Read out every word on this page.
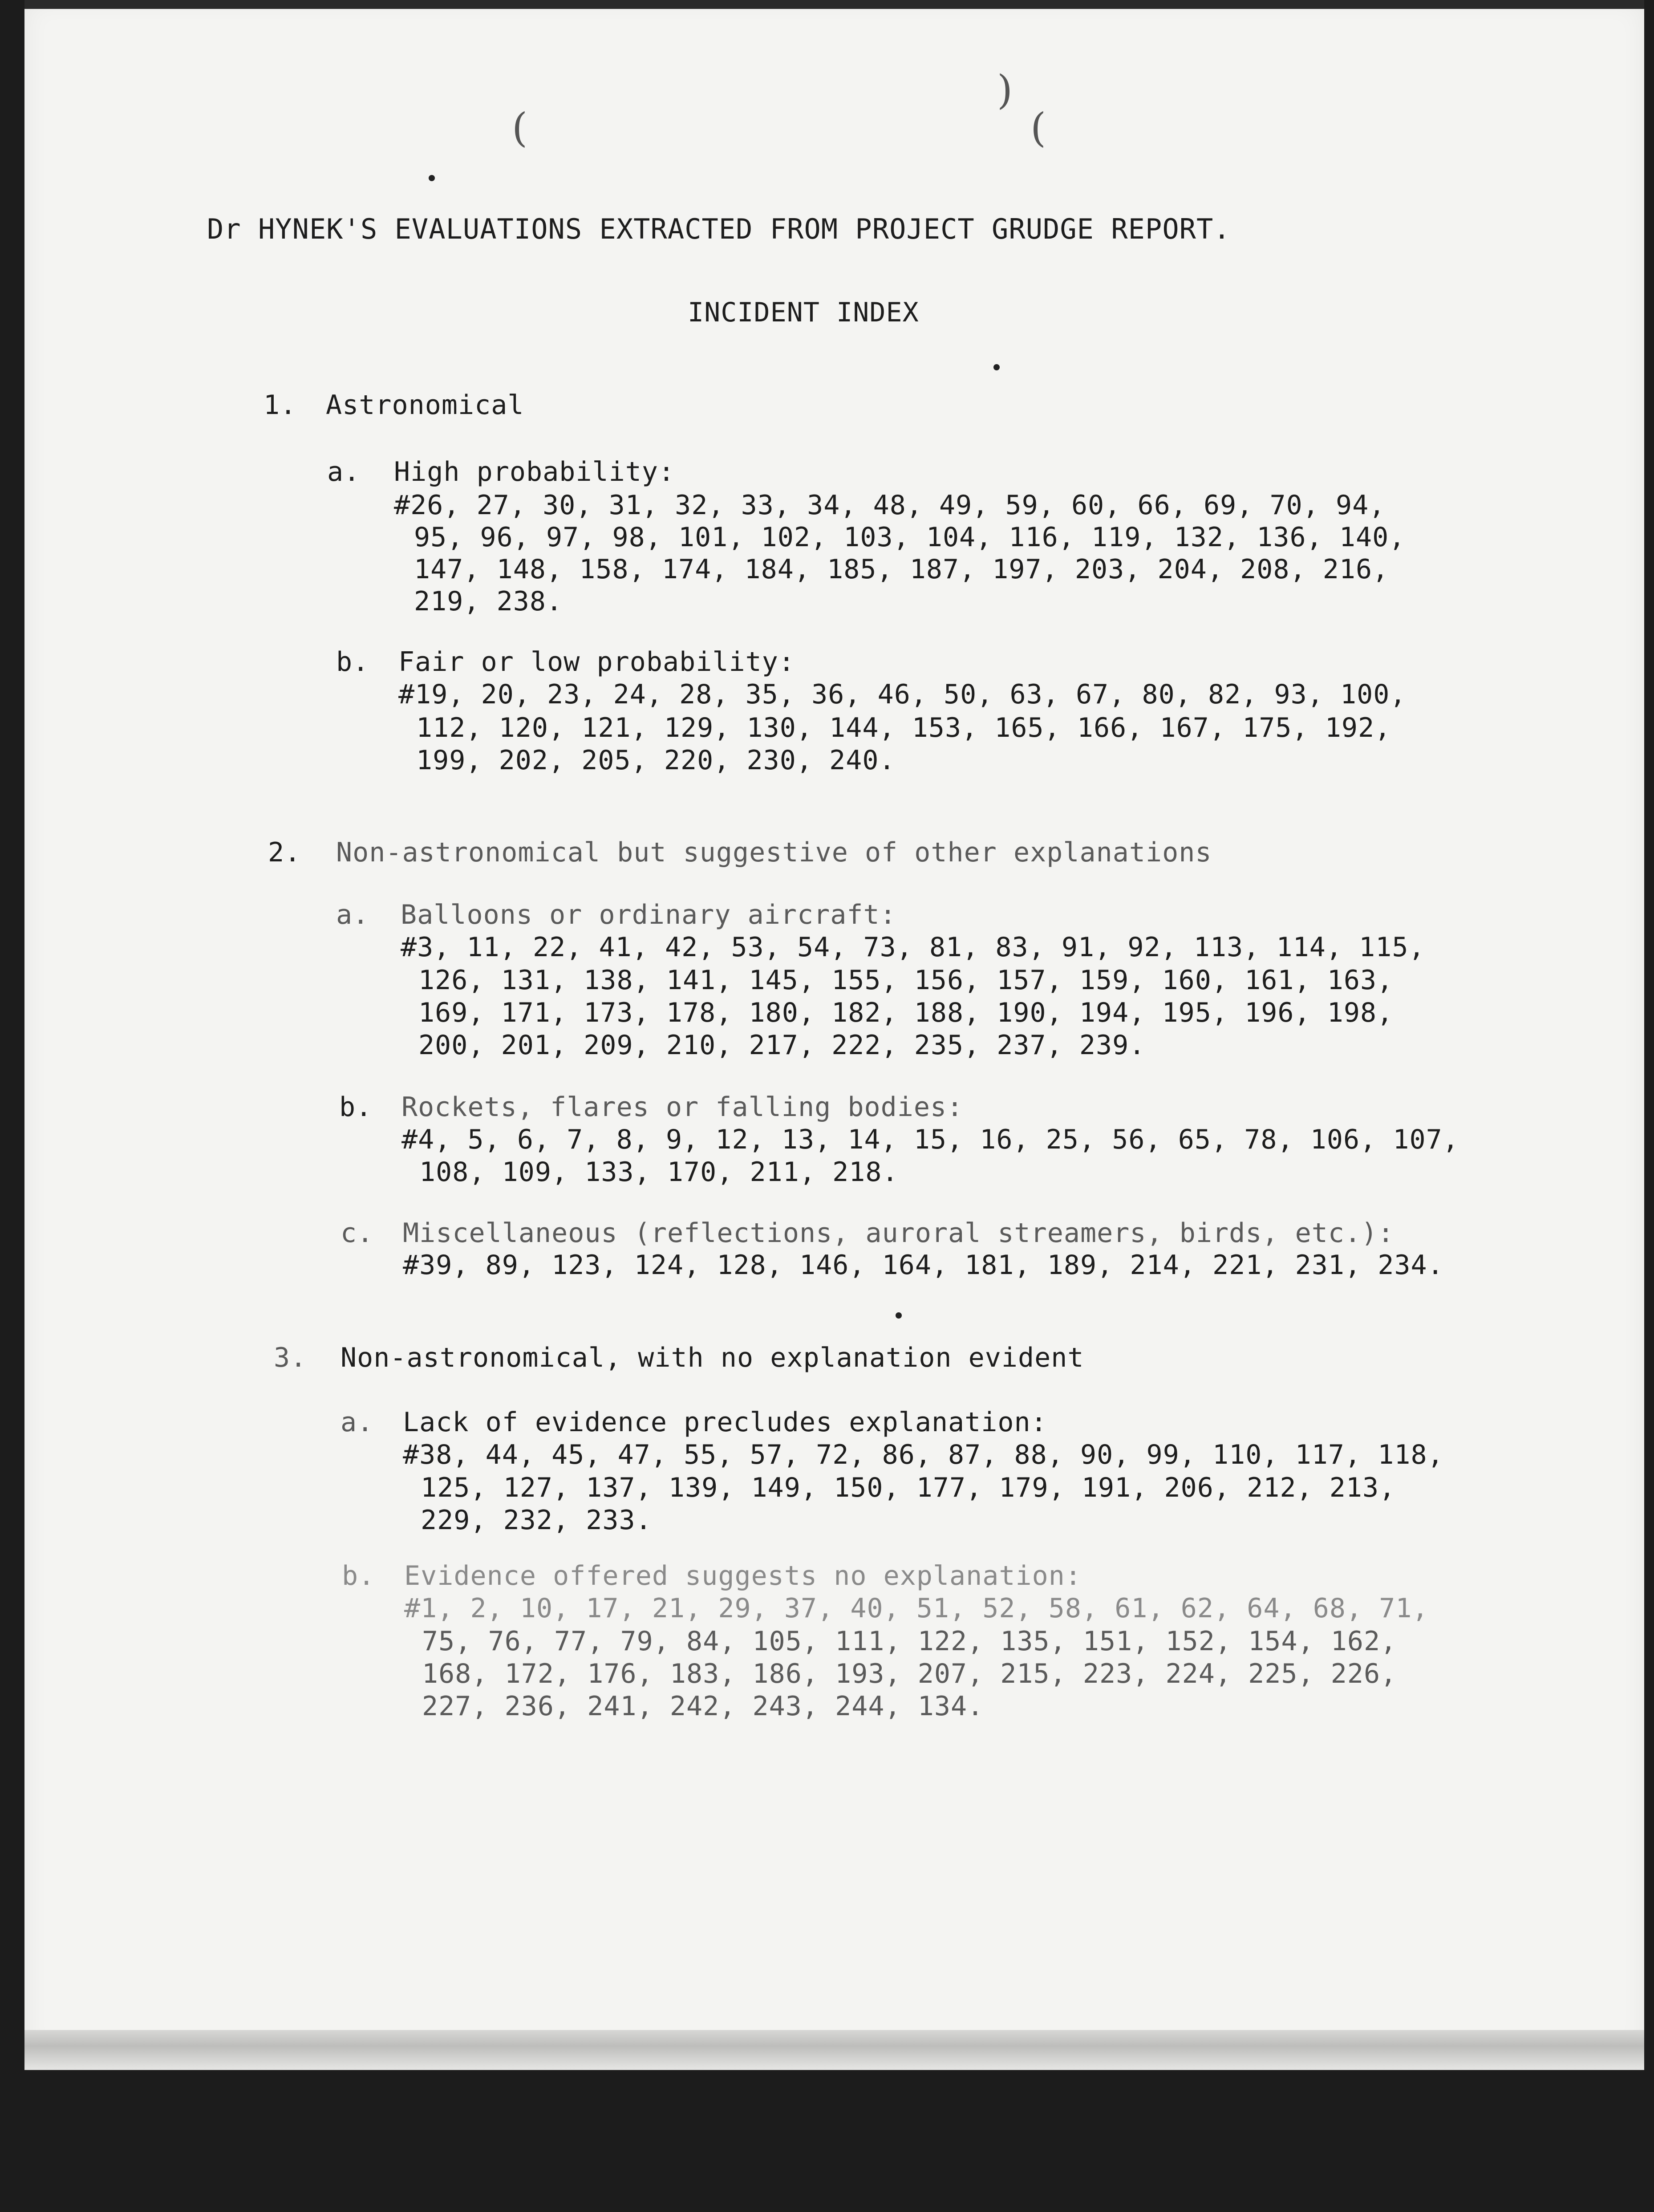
(
)
(
Dr HYNEK'S EVALUATIONS EXTRACTED FROM PROJECT GRUDGE REPORT.
INCIDENT INDEX
1. Astronomical
a. High probability:
#26, 27, 30, 31, 32, 33, 34, 48, 49, 59, 60, 66, 69, 70, 94,
95, 96, 97, 98, 101, 102, 103, 104, 116, 119, 132, 136, 140,
147, 148, 158, 174, 184, 185, 187, 197, 203, 204, 208, 216,
219, 238.
b. Fair or low probability:
#19, 20, 23, 24, 28, 35, 36, 46, 50, 63, 67, 80, 82, 93, 100,
112, 120, 121, 129, 130, 144, 153, 165, 166, 167, 175, 192,
199, 202, 205, 220, 230, 240.
2. Non-astronomical but suggestive of other explanations
a. Balloons or ordinary aircraft:
#3, 11, 22, 41, 42, 53, 54, 73, 81, 83, 91, 92, 113, 114, 115,
126, 131, 138, 141, 145, 155, 156, 157, 159, 160, 161, 163,
169, 171, 173, 178, 180, 182, 188, 190, 194, 195, 196, 198,
200, 201, 209, 210, 217, 222, 235, 237, 239.
b. Rockets, flares or falling bodies:
#4, 5, 6, 7, 8, 9, 12, 13, 14, 15, 16, 25, 56, 65, 78, 106, 107,
108, 109, 133, 170, 211, 218.
c. Miscellaneous (reflections, auroral streamers, birds, etc.):
#39, 89, 123, 124, 128, 146, 164, 181, 189, 214, 221, 231, 234.
3. Non-astronomical, with no explanation evident
a. Lack of evidence precludes explanation:
#38, 44, 45, 47, 55, 57, 72, 86, 87, 88, 90, 99, 110, 117, 118,
125, 127, 137, 139, 149, 150, 177, 179, 191, 206, 212, 213,
229, 232, 233.
b. Evidence offered suggests no explanation:
#1, 2, 10, 17, 21, 29, 37, 40, 51, 52, 58, 61, 62, 64, 68, 71,
75, 76, 77, 79, 84, 105, 111, 122, 135, 151, 152, 154, 162,
168, 172, 176, 183, 186, 193, 207, 215, 223, 224, 225, 226,
227, 236, 241, 242, 243, 244, 134.
